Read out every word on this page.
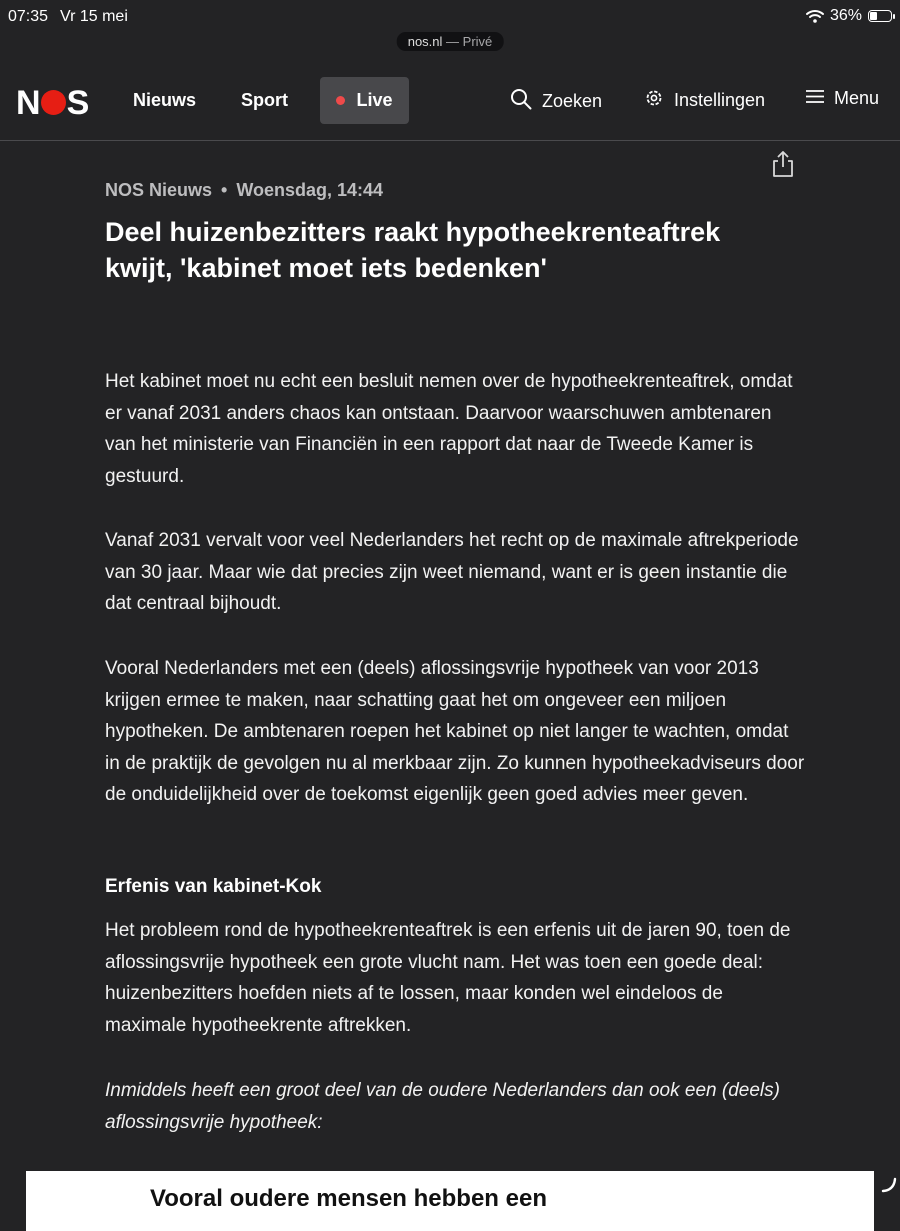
07:35 Vr 15 mei	36%
nos.nl — Privé
N S Nieuws Sport	Live	Zoeken	Instellingen	Menu
NOS Nieuws • Woensdag, 14:44
Deel huizenbezitters raakt hypotheekrenteaftrek kwijt, 'kabinet moet iets bedenken'

Het kabinet moet nu echt een besluit nemen over de hypotheekrenteaftrek, omdat er vanaf 2031 anders chaos kan ontstaan. Daarvoor waarschuwen ambtenaren van het ministerie van Financiën in een rapport dat naar de Tweede Kamer is gestuurd.

Vanaf 2031 vervalt voor veel Nederlanders het recht op de maximale aftrekperiode van 30 jaar. Maar wie dat precies zijn weet niemand, want er is geen instantie die dat centraal bijhoudt.

Vooral Nederlanders met een (deels) aflossingsvrije hypotheek van voor 2013 krijgen ermee te maken, naar schatting gaat het om ongeveer een miljoen hypotheken. De ambtenaren roepen het kabinet op niet langer te wachten, omdat in de praktijk de gevolgen nu al merkbaar zijn. Zo kunnen hypotheekadviseurs door de onduidelijkheid over de toekomst eigenlijk geen goed advies meer geven.

Erfenis van kabinet-Kok

Het probleem rond de hypotheekrenteaftrek is een erfenis uit de jaren 90, toen de aflossingsvrije hypotheek een grote vlucht nam. Het was toen een goede deal: huizenbezitters hoefden niets af te lossen, maar konden wel eindeloos de maximale hypotheekrente aftrekken.

Inmiddels heeft een groot deel van de oudere Nederlanders dan ook een (deels) aflossingsvrije hypotheek:

Vooral oudere mensen hebben een
